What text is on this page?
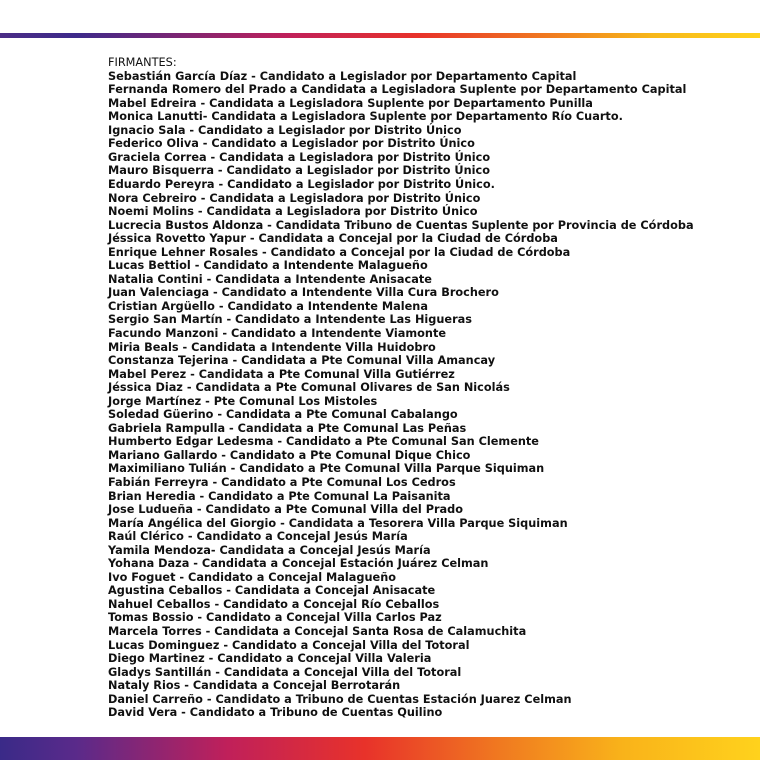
FIRMANTES:
Sebastián García Díaz - Candidato a Legislador por Departamento Capital
Fernanda Romero del Prado a Candidata a Legisladora Suplente por Departamento Capital
Mabel Edreira - Candidata a Legisladora Suplente por Departamento Punilla
Monica Lanutti- Candidata a Legisladora Suplente por Departamento Río Cuarto.
Ignacio Sala - Candidato a Legislador por Distrito Único
Federico Oliva - Candidato a Legislador por Distrito Único
Graciela Correa - Candidata a Legisladora por Distrito Único
Mauro Bisquerra - Candidato a Legislador por Distrito Único
Eduardo Pereyra - Candidato a Legislador por Distrito Único.
Nora Cebreiro - Candidata a Legisladora por Distrito Único
Noemi Molins - Candidata a Legisladora por Distrito Único
Lucrecia Bustos Aldonza - Candidata Tribuno de Cuentas Suplente por Provincia de Córdoba
Jéssica Rovetto Yapur - Candidata a Concejal por la Ciudad de Córdoba
Enrique Lehner Rosales - Candidato a Concejal por la Ciudad de Córdoba
Lucas Bettiol - Candidato a Intendente Malagueño
Natalia Contini - Candidata a Intendente Anisacate
Juan Valenciaga - Candidato a Intendente Villa Cura Brochero
Cristian Argüello - Candidato a Intendente Malena
Sergio San Martín - Candidato a Intendente Las Higueras
Facundo Manzoni - Candidato a Intendente Viamonte
Miria Beals - Candidata a Intendente Villa Huidobro
Constanza Tejerina - Candidata a Pte Comunal Villa Amancay
Mabel Perez - Candidata a Pte Comunal Villa Gutiérrez
Jéssica Diaz - Candidata a Pte Comunal Olivares de San Nicolás
Jorge Martínez - Pte Comunal Los Mistoles
Soledad Güerino - Candidata a Pte Comunal Cabalango
Gabriela Rampulla - Candidata a Pte Comunal Las Peñas
Humberto Edgar Ledesma - Candidato a Pte Comunal San Clemente
Mariano Gallardo - Candidato a Pte Comunal Dique Chico
Maximiliano Tulián - Candidato a Pte Comunal Villa Parque Siquiman
Fabián Ferreyra - Candidato a Pte Comunal Los Cedros
Brian Heredia - Candidato a Pte Comunal La Paisanita
Jose Ludueña - Candidato a Pte Comunal Villa del Prado
María Angélica del Giorgio - Candidata a Tesorera Villa Parque Siquiman
Raúl Clérico - Candidato a Concejal Jesús María
Yamila Mendoza- Candidata a Concejal Jesús María
Yohana Daza - Candidata a Concejal Estación Juárez Celman
Ivo Foguet - Candidato a Concejal Malagueño
Agustina Ceballos - Candidata a Concejal Anisacate
Nahuel Ceballos - Candidato a Concejal Río Ceballos
Tomas Bossio - Candidato a Concejal Villa Carlos Paz
Marcela Torres - Candidata a Concejal Santa Rosa de Calamuchita
Lucas Dominguez - Candidato a Concejal Villa del Totoral
Diego Martinez - Candidato a Concejal Villa Valeria
Gladys Santillán - Candidata a Concejal Villa del Totoral
Nataly Rios - Candidata a Concejal Berrotarán
Daniel Carreño - Candidato a Tribuno de Cuentas Estación Juarez Celman
David Vera - Candidato a Tribuno de Cuentas Quilino
